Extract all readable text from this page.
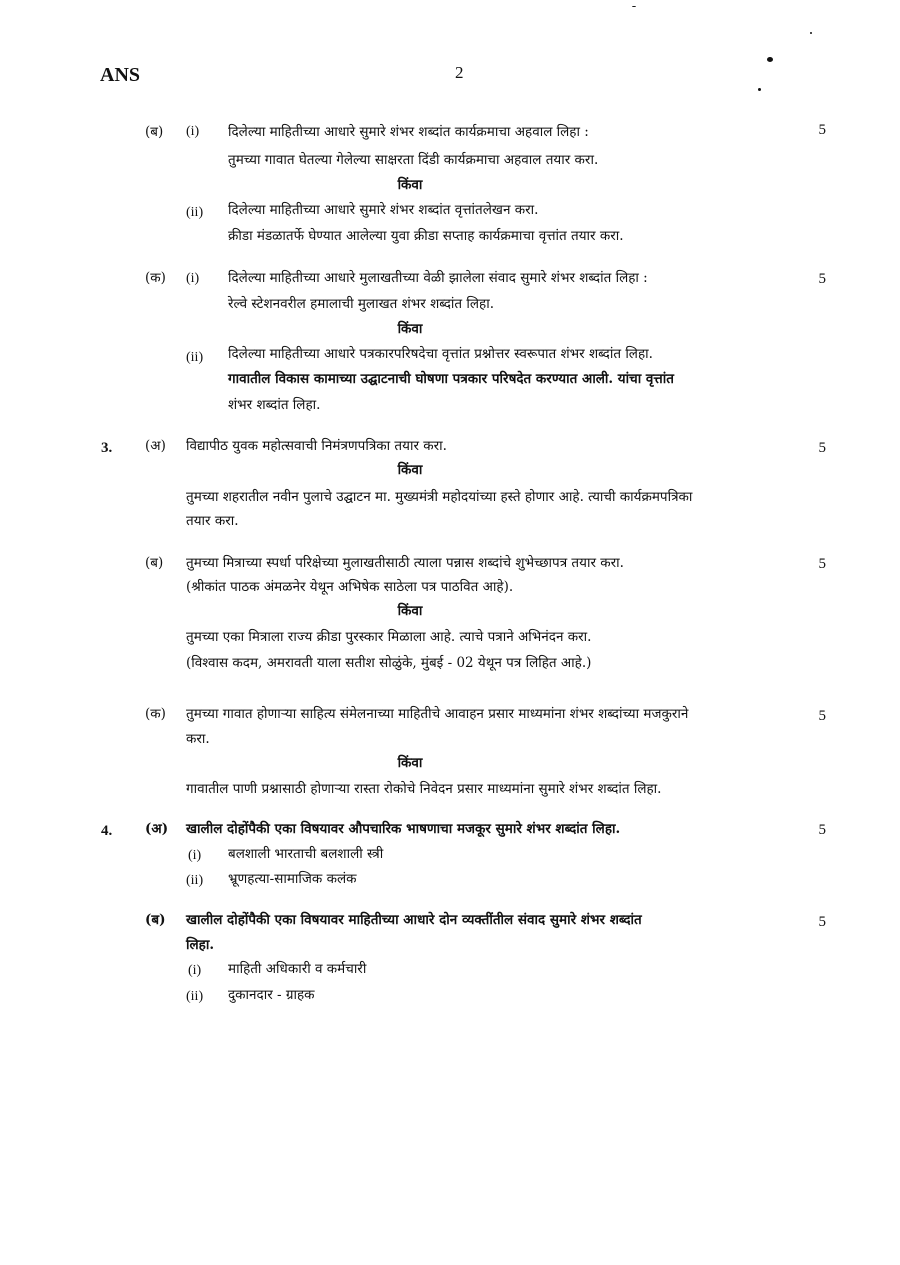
ANS	2
(ब) (i) दिलेल्या माहितीच्या आधारे सुमारे शंभर शब्दांत कार्यक्रमाचा अहवाल लिहा :	5
तुमच्या गावात घेतल्या गेलेल्या साक्षरता दिंडी कार्यक्रमाचा अहवाल तयार करा.
किंवा
(ii) दिलेल्या माहितीच्या आधारे सुमारे शंभर शब्दांत वृत्तांतलेखन करा.
क्रीडा मंडळातर्फे घेण्यात आलेल्या युवा क्रीडा सप्ताह कार्यक्रमाचा वृत्तांत तयार करा.
(क) (i) दिलेल्या माहितीच्या आधारे मुलाखतीच्या वेळी झालेला संवाद सुमारे शंभर शब्दांत लिहा :	5
रेल्वे स्टेशनवरील हमालाची मुलाखत शंभर शब्दांत लिहा.
किंवा
(ii) दिलेल्या माहितीच्या आधारे पत्रकारपरिषदेचा वृत्तांत प्रश्नोत्तर स्वरूपात शंभर शब्दांत लिहा.
गावातील विकास कामाच्या उद्घाटनाची घोषणा पत्रकार परिषदेत करण्यात आली. यांचा वृत्तांत
शंभर शब्दांत लिहा.
3. (अ) विद्यापीठ युवक महोत्सवाची निमंत्रणपत्रिका तयार करा.	5
किंवा
तुमच्या शहरातील नवीन पुलाचे उद्घाटन मा. मुख्यमंत्री महोदयांच्या हस्ते होणार आहे. त्याची कार्यक्रमपत्रिका
तयार करा.
(ब) तुमच्या मित्राच्या स्पर्धा परिक्षेच्या मुलाखतीसाठी त्याला पन्नास शब्दांचे शुभेच्छापत्र तयार करा.	5
(श्रीकांत पाठक अंमळनेर येथून अभिषेक साठेला पत्र पाठवित आहे).
किंवा
तुमच्या एका मित्राला राज्य क्रीडा पुरस्कार मिळाला आहे. त्याचे पत्राने अभिनंदन करा.
(विश्वास कदम, अमरावती याला सतीश सोळुंके, मुंबई - 02 येथून पत्र लिहित आहे.)
(क) तुमच्या गावात होणाऱ्या साहित्य संमेलनाच्या माहितीचे आवाहन प्रसार माध्यमांना शंभर शब्दांच्या मजकुराने	5
करा.
किंवा
गावातील पाणी प्रश्नासाठी होणाऱ्या रास्ता रोकोचे निवेदन प्रसार माध्यमांना सुमारे शंभर शब्दांत लिहा.
4. (अ) खालील दोहोंपैकी एका विषयावर औपचारिक भाषणाचा मजकूर सुमारे शंभर शब्दांत लिहा.	5
(i) बलशाली भारताची बलशाली स्त्री
(ii) भ्रूणहत्या-सामाजिक कलंक
(ब) खालील दोहोंपैकी एका विषयावर माहितीच्या आधारे दोन व्यक्तींतील संवाद सुमारे शंभर शब्दांत	5
लिहा.
(i) माहिती अधिकारी व कर्मचारी
(ii) दुकानदार - ग्राहक
